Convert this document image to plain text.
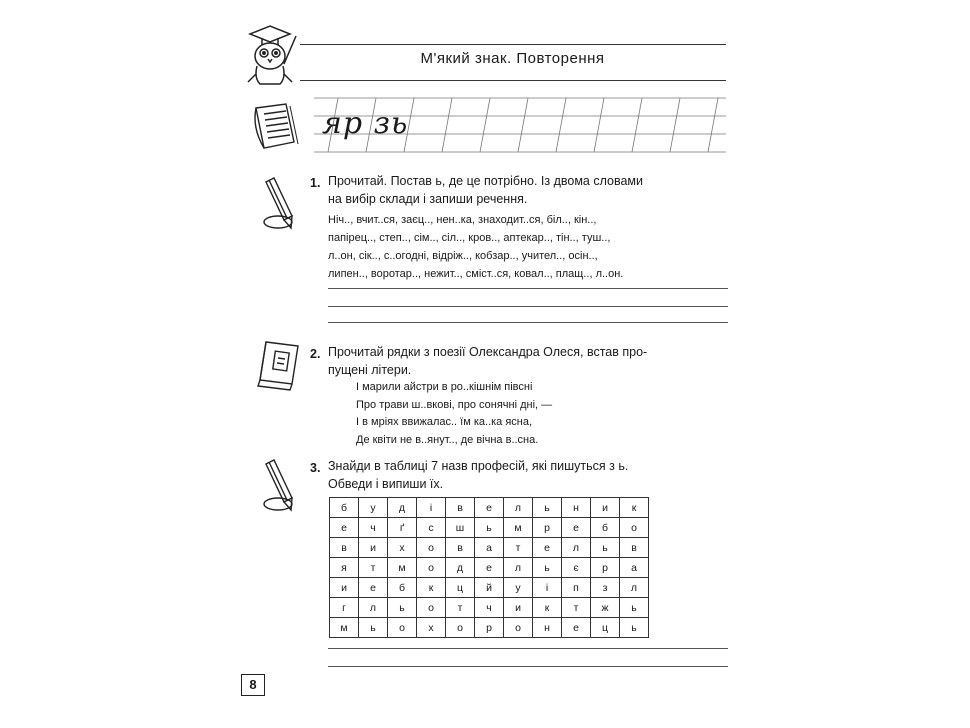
М'який знак. Повторення
яр зь
1. Прочитай. Постав ь, де це потрібно. Із двома словами
на вибір склади і запиши речення.
Ніч.., вчит..ся, заєц.., нен..ка, знаходит..ся, біл.., кін..,
папірец.., степ.., сім.., сіл.., кров.., аптекар.., тін.., туш..,
л..он, сік.., с..огодні, відріж.., кобзар.., учител.., осін..,
липен.., воротар.., нежит.., сміст..ся, ковал.., плащ.., л..он.
2. Прочитай рядки з поезії Олександра Олеся, встав про-
пущені літери.
І марили айстри в ро..кішнім півсні
Про трави ш..вкові, про сонячні дні, —
І в мріях ввижалас.. їм ка..ка ясна,
Де квіти не в..янут.., де вічна в..сна.
3. Знайди в таблиці 7 назв професій, які пишуться з ь.
Обведи і випиши їх.
б	у	д	і	в	е	л	ь	н	и	к
е	ч	ґ	с	ш	ь	м	р	е	б	о
в	и	х	о	в	а	т	е	л	ь	в
я	т	м	о	д	е	л	ь	є	р	а
и	е	б	к	ц	й	у	і	п	з	л
г	л	ь	о	т	ч	и	к	т	ж	ь
м	ь	о	х	о	р	о	н	е	ц	ь
8
